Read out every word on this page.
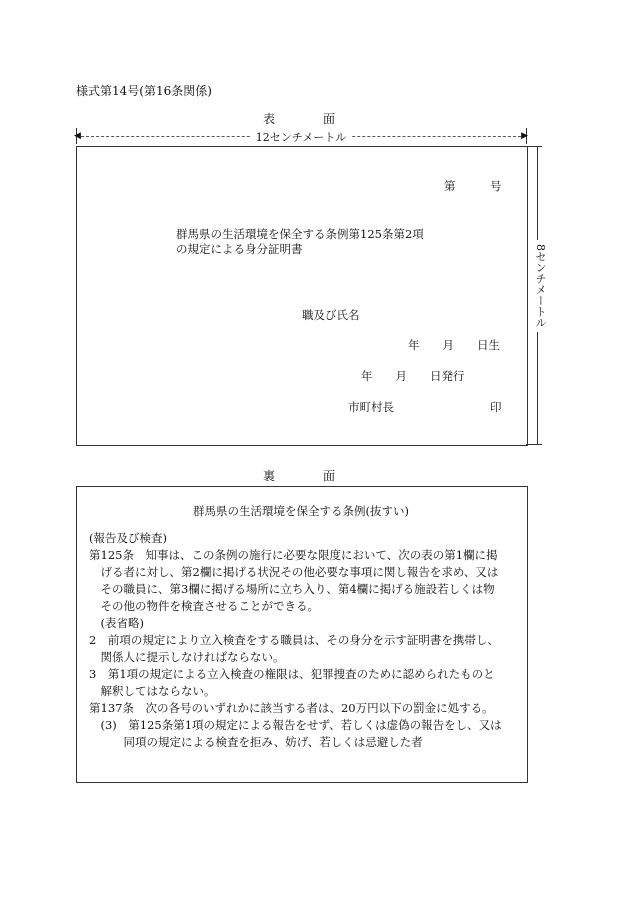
様式第14号(第16条関係)
表　　　　面
◀	12センチメートル	▶
8センチメートル
第　　　号
群馬県の生活環境を保全する条例第125条第2項
の規定による身分証明書
職及び氏名
年　　月　　日生
年　　月　　日発行
市町村長	印
裏　　　　面
群馬県の生活環境を保全する条例(抜すい)
(報告及び検査)
第125条　知事は、この条例の施行に必要な限度において、次の表の第1欄に掲
　げる者に対し、第2欄に掲げる状況その他必要な事項に関し報告を求め、又は
　その職員に、第3欄に掲げる場所に立ち入り、第4欄に掲げる施設若しくは物
　その他の物件を検査させることができる。
　(表省略)
2　前項の規定により立入検査をする職員は、その身分を示す証明書を携帯し、
　関係人に提示しなければならない。
3　第1項の規定による立入検査の権限は、犯罪捜査のために認められたものと
　解釈してはならない。
第137条　次の各号のいずれかに該当する者は、20万円以下の罰金に処する。
　(3)　第125条第1項の規定による報告をせず、若しくは虚偽の報告をし、又は
　　　同項の規定による検査を拒み、妨げ、若しくは忌避した者
